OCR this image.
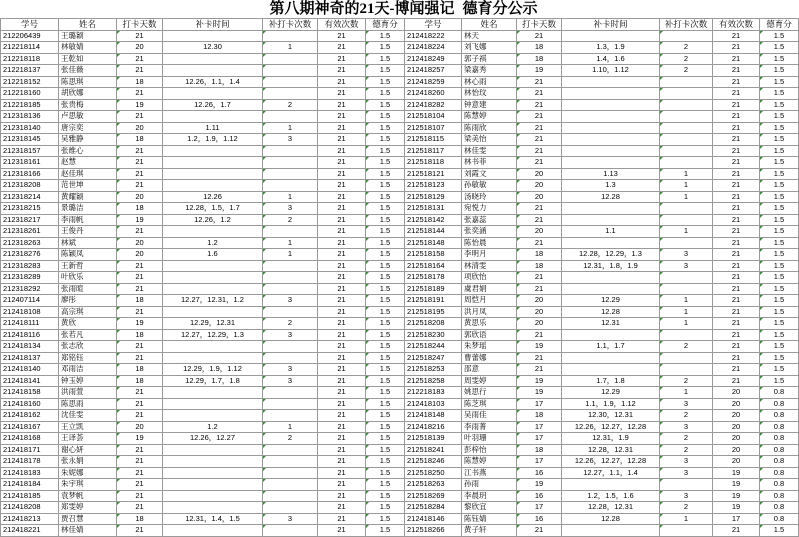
第八期神奇的21天-博闻强记 德育分公示
学号	姓名	打卡天数	补卡时间	补打卡次数	有效次数	德育分
212206439	王璐颖	21			21	1.5
212218114	林敏婧	20	12.30	1	21	1.5
212218118	王乾如	21			21	1.5
212218137	张佳薇	21			21	1.5
212218152	陈思琪	18	12.26，1.1，1.4		21	1.5
212218160	胡欣娜	21			21	1.5
212218185	张贵梅	19	12.26，1.7	2	21	1.5
212318136	卢思敏	21			21	1.5
212318140	唐宗奕	20	1.11	1	21	1.5
212318145	吴雅静	18	1.2，1.9，1.12	3	21	1.5
212318157	张维心	21			21	1.5
212318161	赵慧	21			21	1.5
212318166	赵佳琪	21			21	1.5
212318208	范世坤	21			21	1.5
212318214	黄耀颖	20	12.26	1	21	1.5
212318215	景璐洁	18	12.28，1.5，1.7	3	21	1.5
212318217	李雨帆	19	12.26，1.2	2	21	1.5
212318261	王俊丹	21			21	1.5
212318263	林斌	20	1.2	1	21	1.5
212318276	陈颖凤	20	1.6	1	21	1.5
212318283	王新哲	21			21	1.5
212318289	叶欣乐	21			21	1.5
212318292	张雨暄	21			21	1.5
212407114	廖彤	18	12.27，12.31，1.2	3	21	1.5
212418108	高宗琪	21			21	1.5
212418111	黄欣	19	12.29，12.31	2	21	1.5
212418116	张若凡	18	12.27，12.29，1.3	3	21	1.5
212418134	张志欣	21			21	1.5
212418137	郑铭钰	21			21	1.5
212418140	邓雨洁	18	12.29，1.9，1.12	3	21	1.5
212418141	钟玉婷	18	12.29，1.7，1.8	3	21	1.5
212418158	洪雨萱	21			21	1.5
212418160	陈思雨	21			21	1.5
212418162	沈佳雯	21			21	1.5
212418167	王立凯	20	1.2	1	21	1.5
212418168	王译荟	19	12.26，12.27	2	21	1.5
212418171	谢心妍	21			21	1.5
212418178	张永娟	21			21	1.5
212418183	朱妮娜	21			21	1.5
212418184	朱宇琪	21			21	1.5
212418185	袁梦帆	21			21	1.5
212418208	郑雯婷	21			21	1.5
212418213	贾召慧	18	12.31，1.4，1.5	3	21	1.5
212418221	林佳婧	21			21	1.5
学号	姓名	打卡天数	补卡时间	补打卡次数	有效次数	德育分
212418222	林天	21			21	1.5
212418224	刘飞娜	18	1.3，1.9	2	21	1.5
212418249	郭子祺	18	1.4，1.6	2	21	1.5
212418257	梁嘉秀	19	1.10，1.12	2	21	1.5
212418259	林心雨	21			21	1.5
212418260	林怡玟	21			21	1.5
212418282	钟意建	21			21	1.5
212518104	陈慧婷	21			21	1.5
212518107	陈雨欣	21			21	1.5
212518115	梁美怡	21			21	1.5
212518117	林佳雯	21			21	1.5
212518118	林书菲	21			21	1.5
212518121	刘霞文	20	1.13	1	21	1.5
212518123	孙敏敏	20	1.3	1	21	1.5
212518129	汤晓玲	20	12.28	1	21	1.5
212518131	宛悦力	21			21	1.5
212518142	张嘉蕊	21			21	1.5
212518144	张奕涵	20	1.1	1	21	1.5
212518148	陈怡晨	21			21	1.5
212518158	李明月	18	12.28，12.29，1.3	3	21	1.5
212518164	林清雯	18	12.31，1.8，1.9	3	21	1.5
212518178	项欣怡	21			21	1.5
212518189	虞君娟	21			21	1.5
212518191	周恺月	20	12.29	1	21	1.5
212518195	洪月凤	20	12.28	1	21	1.5
212518208	黄思乐	20	12.31	1	21	1.5
212518230	郭欣语	21			21	1.5
212518244	朱梦瑶	19	1.1，1.7	2	21	1.5
212518247	曹蕾娜	21			21	1.5
212518253	邵意	21			21	1.5
212518258	周雯婷	19	1.7，1.8	2	21	1.5
212218183	姚思行	19	12.29	1	20	0.8
212418103	陈芝琪	17	1.1，1.9，1.12	3	20	0.8
212418148	吴雨佳	18	12.30，12.31	2	20	0.8
212418216	李雨菁	17	12.26，12.27，12.28	3	20	0.8
212518139	叶羽珊	17	12.31，1.9	2	20	0.8
212518241	彭梓怡	18	12.28，12.31	2	20	0.8
212518246	陈慧婷	17	12.26，12.27，12.28	3	20	0.8
212518250	江书燕	16	12.27，1.1，1.4	3	19	0.8
212518263	孙雨	19			19	0.8
212518269	李晨玥	16	1.2，1.5，1.6	3	19	0.8
212518284	黎欣宜	17	12.28，12.31	2	19	0.8
212418146	陈钰婧	16	12.28	1	17	0.8
212518266	黄子轩	21			21	1.5
